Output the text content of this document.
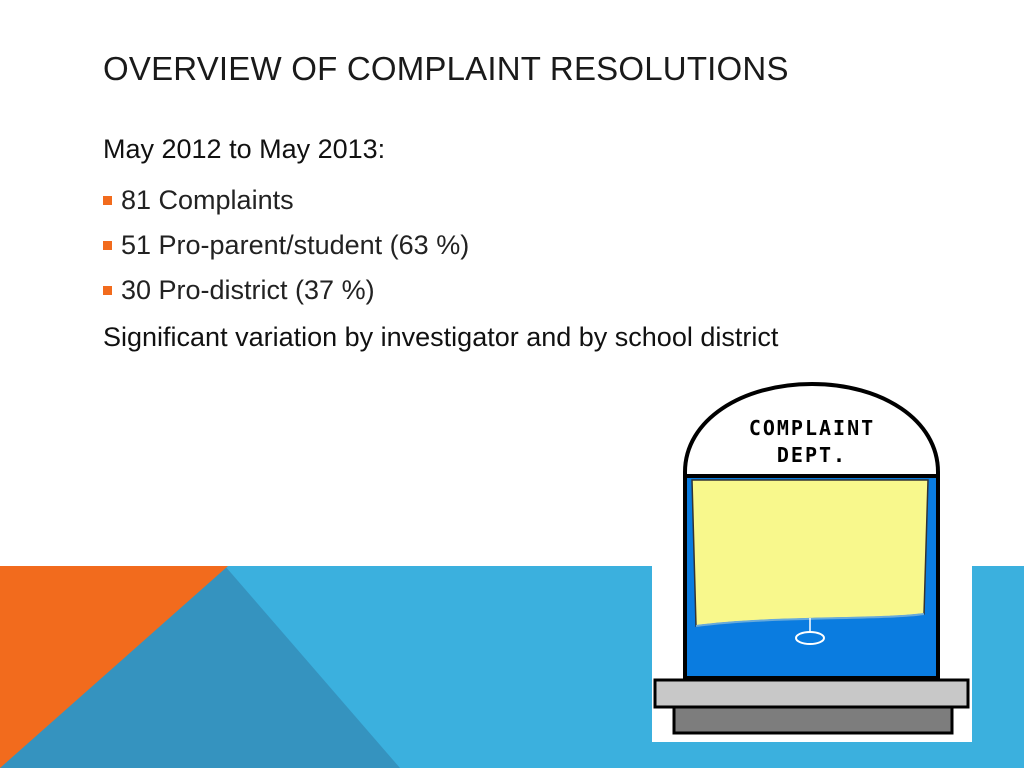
OVERVIEW OF COMPLAINT RESOLUTIONS
May 2012 to May 2013:
81 Complaints
51 Pro-parent/student (63 %)
30 Pro-district (37 %)
Significant variation by investigator and by school district
COMPLAINT
DEPT.
